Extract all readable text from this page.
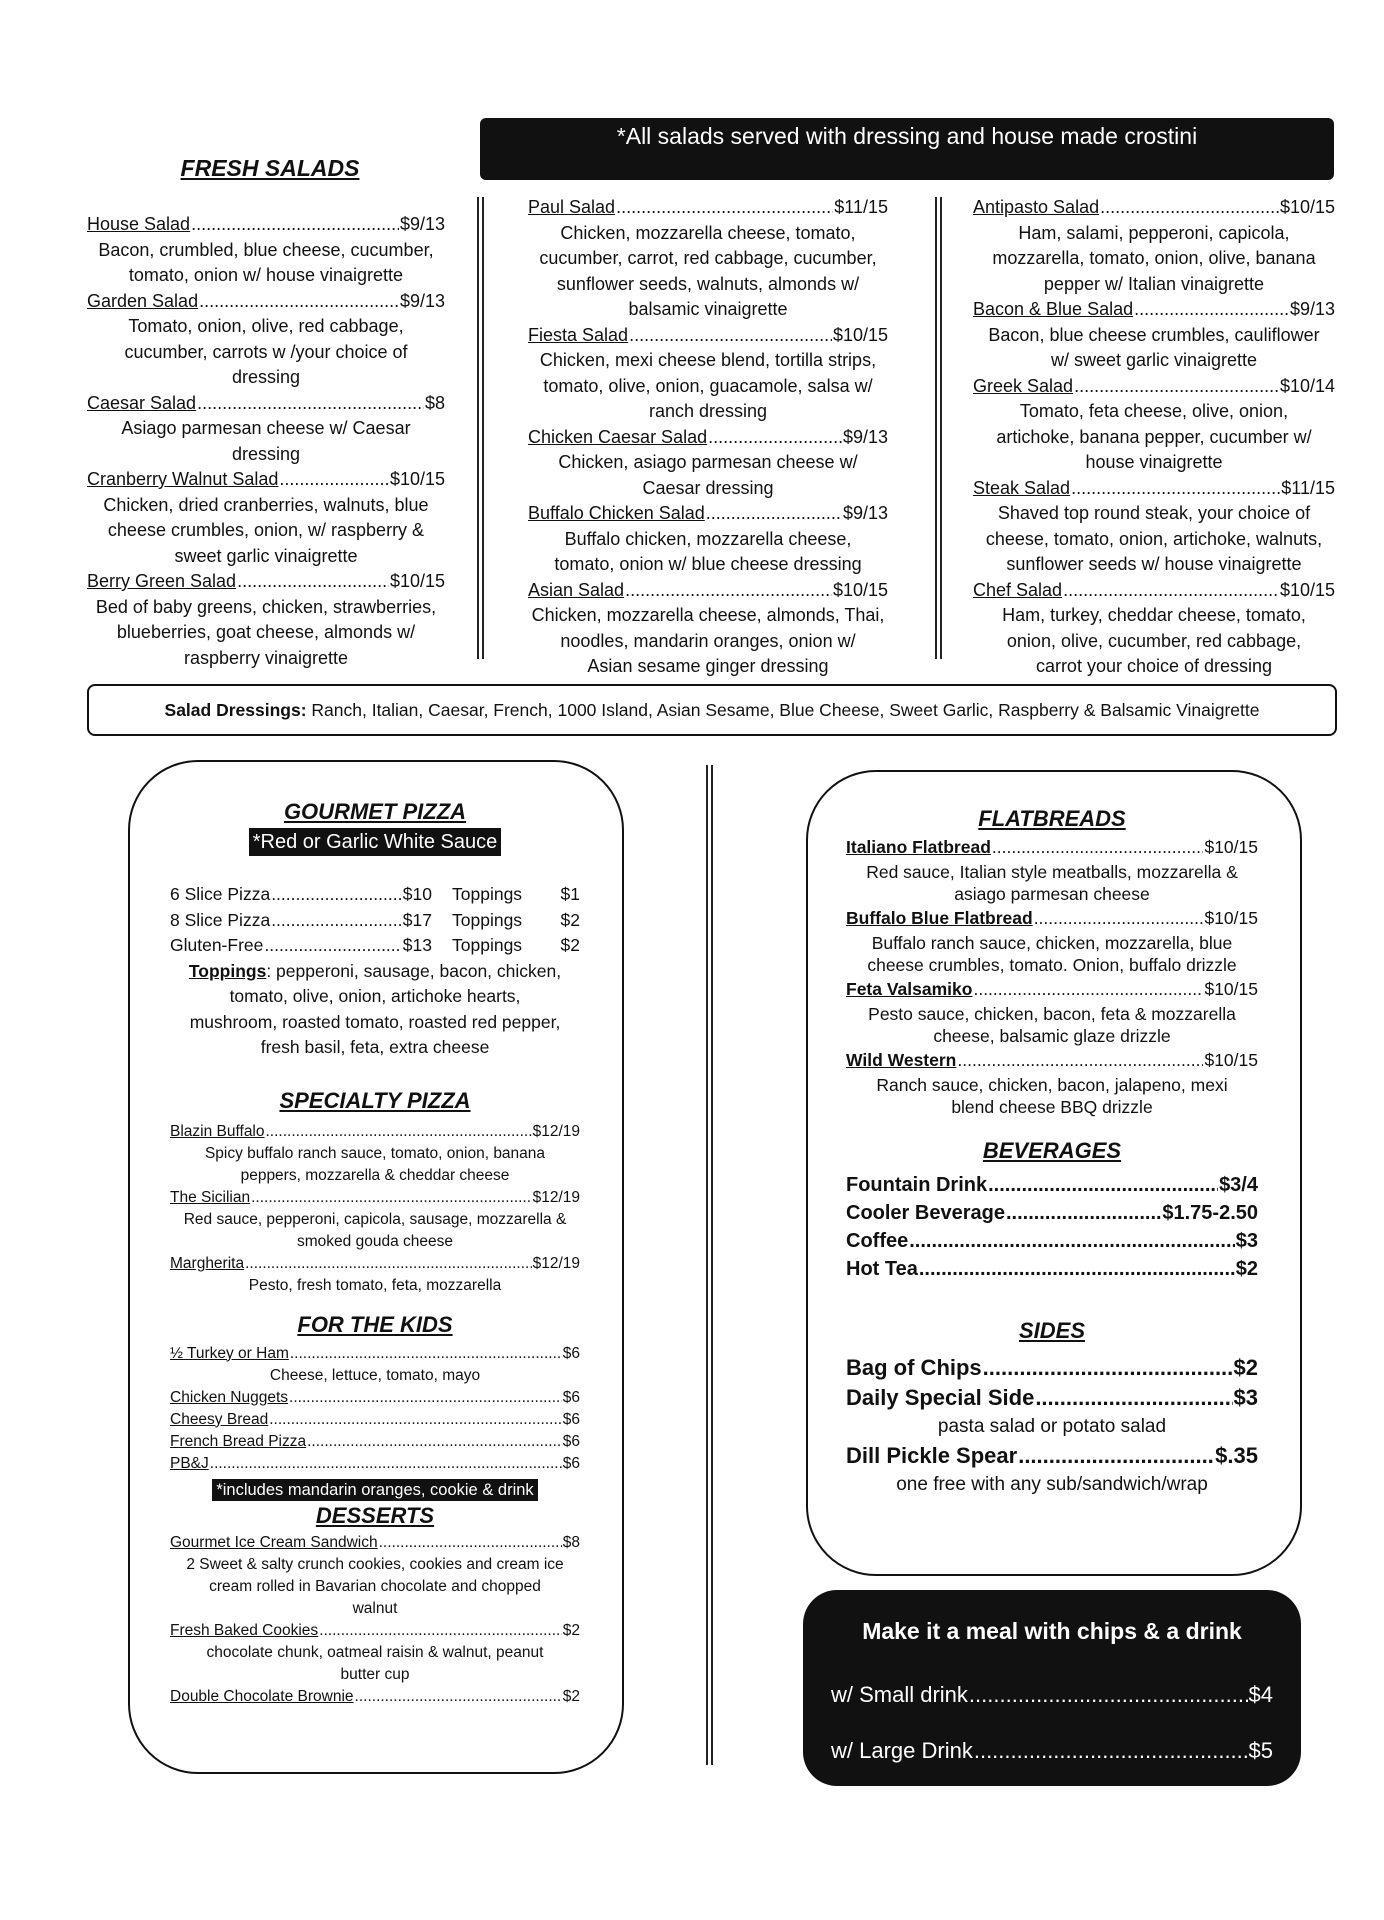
*All salads served with dressing and house made crostini
FRESH SALADS
House Salad .....	$9/13
Bacon, crumbled, blue cheese, cucumber,
tomato, onion w/ house vinaigrette
Garden Salad .....	$9/13
Tomato, onion, olive, red cabbage,
cucumber, carrots w /your choice of
dressing
Caesar Salad .....	$8
Asiago parmesan cheese w/ Caesar
dressing
Cranberry Walnut Salad .....	$10/15
Chicken, dried cranberries, walnuts, blue
cheese crumbles, onion, w/ raspberry &
sweet garlic vinaigrette
Berry Green Salad .....	$10/15
Bed of baby greens, chicken, strawberries,
blueberries, goat cheese, almonds w/
raspberry vinaigrette
Paul Salad .....	$11/15
Chicken, mozzarella cheese, tomato,
cucumber, carrot, red cabbage, cucumber,
sunflower seeds, walnuts, almonds w/
balsamic vinaigrette
Fiesta Salad .....	$10/15
Chicken, mexi cheese blend, tortilla strips,
tomato, olive, onion, guacamole, salsa w/
ranch dressing
Chicken Caesar Salad .....	$9/13
Chicken, asiago parmesan cheese w/
Caesar dressing
Buffalo Chicken Salad .....	$9/13
Buffalo chicken, mozzarella cheese,
tomato, onion w/ blue cheese dressing
Asian Salad .....	$10/15
Chicken, mozzarella cheese, almonds, Thai,
noodles, mandarin oranges, onion w/
Asian sesame ginger dressing
Antipasto Salad .....	$10/15
Ham, salami, pepperoni, capicola,
mozzarella, tomato, onion, olive, banana
pepper w/ Italian vinaigrette
Bacon & Blue Salad .....	$9/13
Bacon, blue cheese crumbles, cauliflower
w/ sweet garlic vinaigrette
Greek Salad .....	$10/14
Tomato, feta cheese, olive, onion,
artichoke, banana pepper, cucumber w/
house vinaigrette
Steak Salad .....	$11/15
Shaved top round steak, your choice of
cheese, tomato, onion, artichoke, walnuts,
sunflower seeds w/ house vinaigrette
Chef Salad .....	$10/15
Ham, turkey, cheddar cheese, tomato,
onion, olive, cucumber, red cabbage,
carrot your choice of dressing
Salad Dressings: Ranch, Italian, Caesar, French, 1000 Island, Asian Sesame, Blue Cheese, Sweet Garlic, Raspberry & Balsamic Vinaigrette
GOURMET PIZZA
*Red or Garlic White Sauce
6 Slice Pizza .....	$10 Toppings $1
8 Slice Pizza .....	$17 Toppings $2
Gluten-Free .....	$13 Toppings $2
Toppings: pepperoni, sausage, bacon, chicken,
tomato, olive, onion, artichoke hearts,
mushroom, roasted tomato, roasted red pepper,
fresh basil, feta, extra cheese
SPECIALTY PIZZA
Blazin Buffalo .....	$12/19
Spicy buffalo ranch sauce, tomato, onion, banana
peppers, mozzarella & cheddar cheese
The Sicilian .....	$12/19
Red sauce, pepperoni, capicola, sausage, mozzarella &
smoked gouda cheese
Margherita .....	$12/19
Pesto, fresh tomato, feta, mozzarella
FOR THE KIDS
½ Turkey or Ham .....	$6
Cheese, lettuce, tomato, mayo
Chicken Nuggets .....	$6
Cheesy Bread .....	$6
French Bread Pizza .....	$6
PB&J .....	$6
*includes mandarin oranges, cookie & drink
DESSERTS
Gourmet Ice Cream Sandwich .....	$8
2 Sweet & salty crunch cookies, cookies and cream ice
cream rolled in Bavarian chocolate and chopped
walnut
Fresh Baked Cookies .....	$2
chocolate chunk, oatmeal raisin & walnut, peanut
butter cup
Double Chocolate Brownie .....	$2
FLATBREADS
Italiano Flatbread .....	$10/15
Red sauce, Italian style meatballs, mozzarella &
asiago parmesan cheese
Buffalo Blue Flatbread .....	$10/15
Buffalo ranch sauce, chicken, mozzarella, blue
cheese crumbles, tomato. Onion, buffalo drizzle
Feta Valsamiko .....	$10/15
Pesto sauce, chicken, bacon, feta & mozzarella
cheese, balsamic glaze drizzle
Wild Western .....	$10/15
Ranch sauce, chicken, bacon, jalapeno, mexi
blend cheese BBQ drizzle
BEVERAGES
Fountain Drink .....	$3/4
Cooler Beverage .....	$1.75-2.50
Coffee .....	$3
Hot Tea .....	$2
SIDES
Bag of Chips .....	$2
Daily Special Side .....	$3
pasta salad or potato salad
Dill Pickle Spear .....	$.35
one free with any sub/sandwich/wrap
Make it a meal with chips & a drink
w/ Small drink .....	$4
w/ Large Drink .....	$5
